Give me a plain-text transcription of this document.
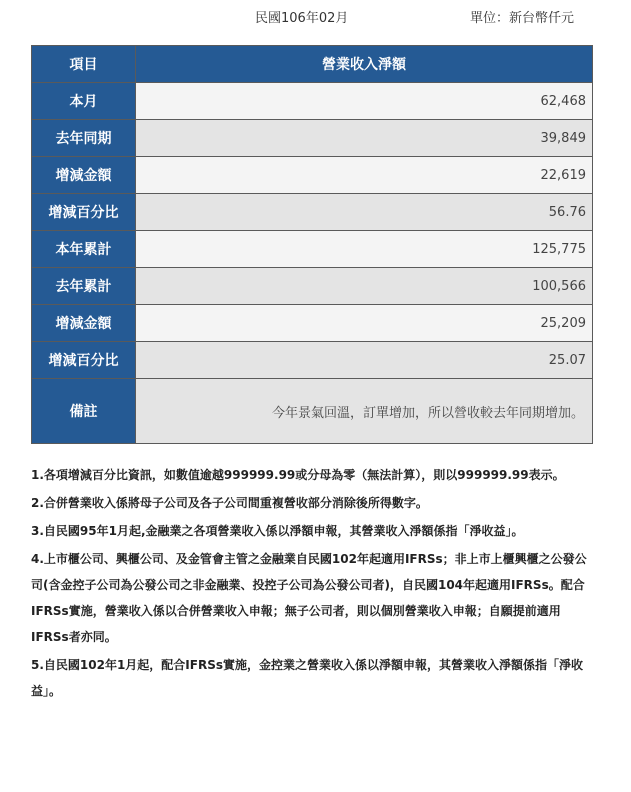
民國106年02月	單位：新台幣仟元
項目	營業收入淨額
本月	62,468
去年同期	39,849
增減金額	22,619
增減百分比	56.76
本年累計	125,775
去年累計	100,566
增減金額	25,209
增減百分比	25.07
備註	今年景氣回溫，訂單增加，所以營收較去年同期增加。

1.各項增減百分比資訊，如數值逾越999999.99或分母為零（無法計算），則以999999.99表示。

2.合併營業收入係將母子公司及各子公司間重複營收部分消除後所得數字。

3.自民國95年1月起,金融業之各項營業收入係以淨額申報，其營業收入淨額係指「淨收益」。

4.上市櫃公司、興櫃公司、及金管會主管之金融業自民國102年起適用IFRSs；非上市上櫃興櫃之公發公司(含金控子公司為公發公司之非金融業、投控子公司為公發公司者)，自民國104年起適用IFRSs。配合IFRSs實施，營業收入係以合併營業收入申報；無子公司者，則以個別營業收入申報；自願提前適用IFRSs者亦同。

5.自民國102年1月起，配合IFRSs實施，金控業之營業收入係以淨額申報，其營業收入淨額係指「淨收益」。
